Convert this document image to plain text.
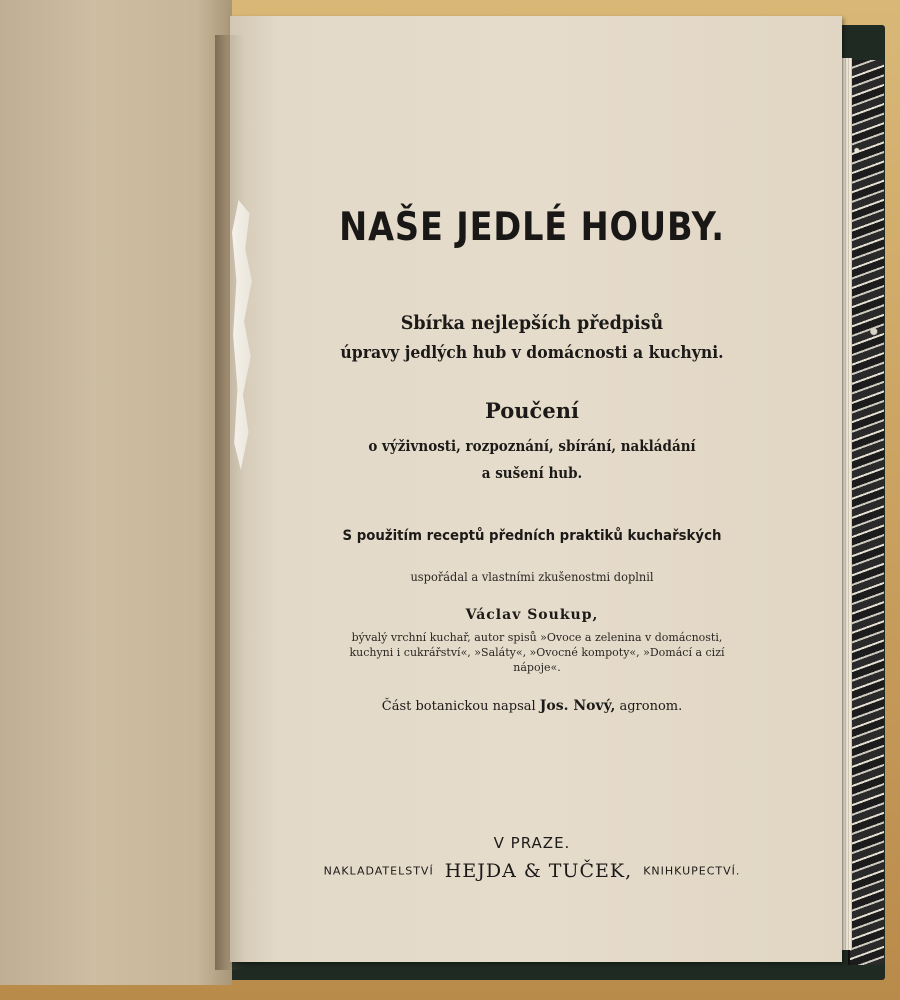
NAŠE JEDLÉ HOUBY.
Sbírka nejlepších předpisů
úpravy jedlých hub v domácnosti a kuchyni.
Poučení
o výživnosti, rozpoznání, sbírání, nakládání
a sušení hub.
S použitím receptů předních praktiků kuchařských
uspořádal a vlastními zkušenostmi doplnil
Václav Soukup,
bývalý vrchní kuchař, autor spisů »Ovoce a zelenina v domácnosti,
kuchyni i cukrářství«, »Saláty«, »Ovocné kompoty«, »Domácí a cizí
nápoje«.
Část botanickou napsal Jos. Nový, agronom.
V PRAZE.
NAKLADATELSTVÍ HEJDA & TUČEK, KNIHKUPECTVÍ.
